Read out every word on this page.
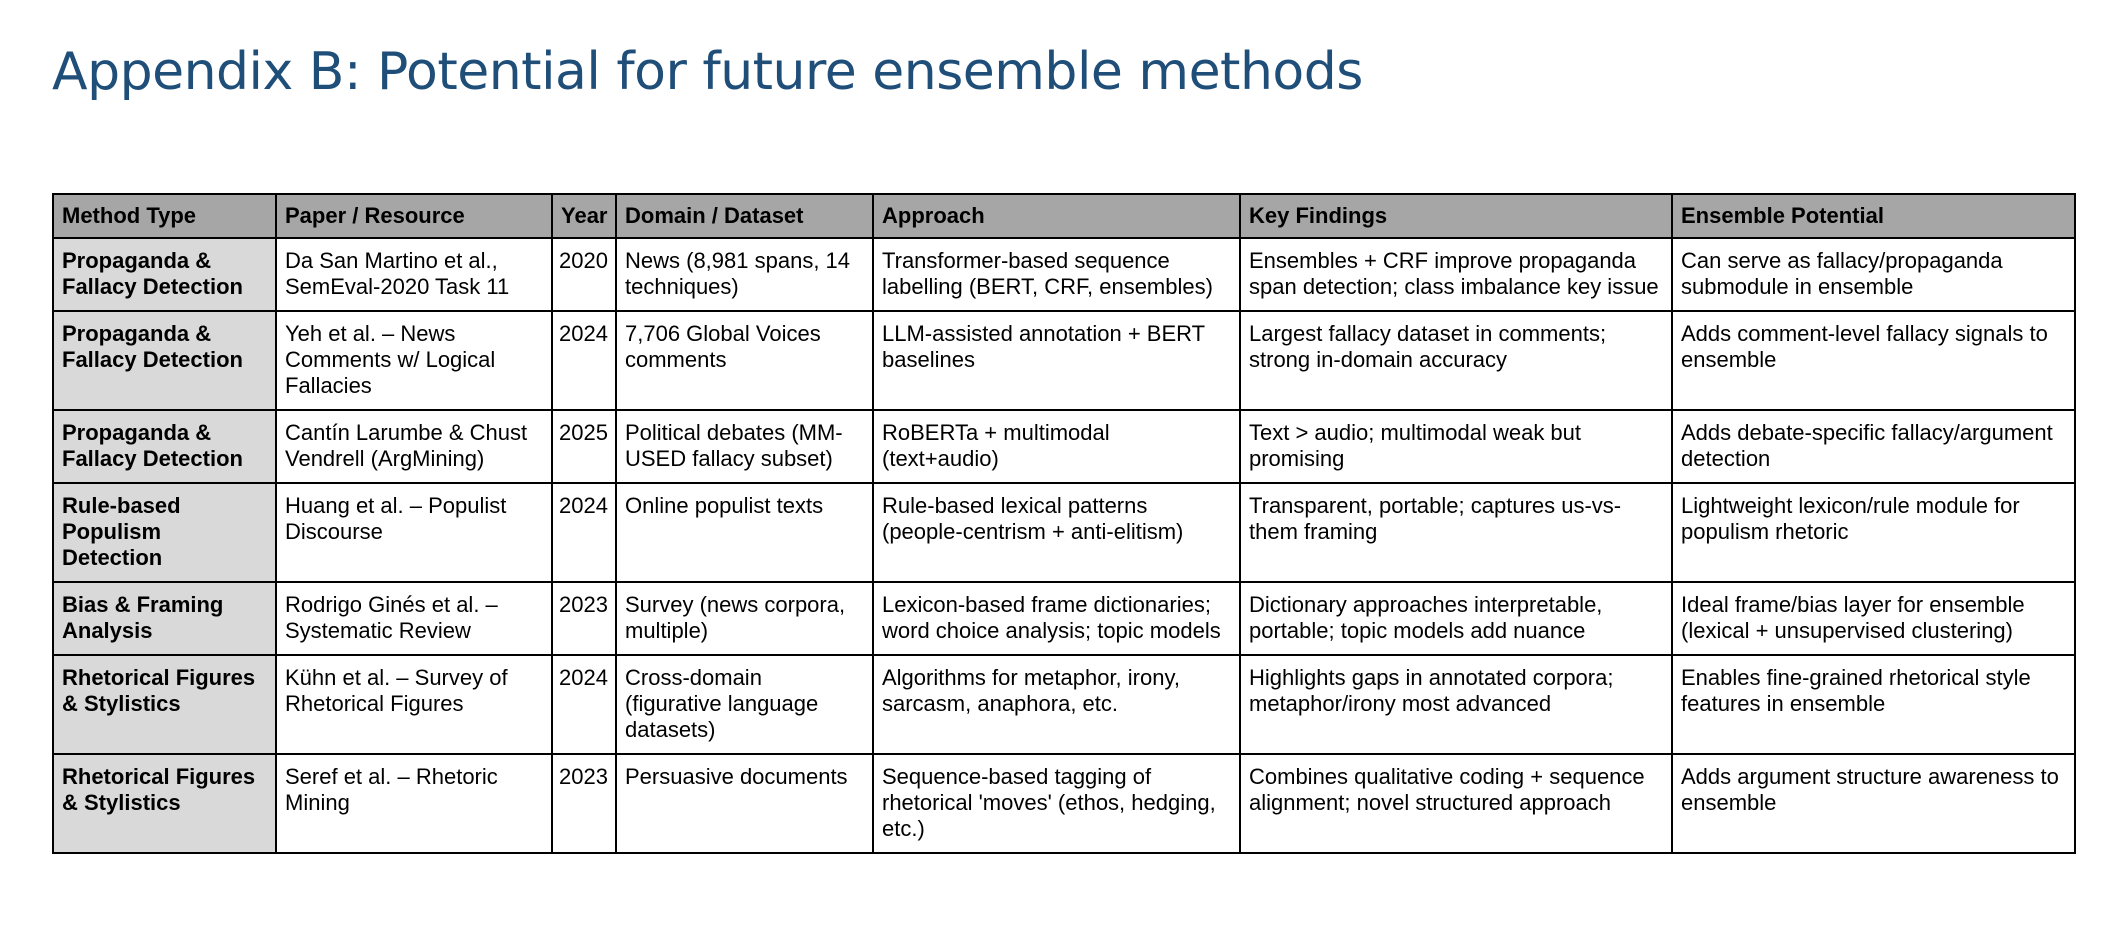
Appendix B: Potential for future ensemble methods
Method Type	Paper / Resource	Year	Domain / Dataset	Approach	Key Findings	Ensemble Potential
Propaganda & Fallacy Detection	Da San Martino et al., SemEval-2020 Task 11	2020	News (8,981 spans, 14 techniques)	Transformer-based sequence labelling (BERT, CRF, ensembles)	Ensembles + CRF improve propaganda span detection; class imbalance key issue	Can serve as fallacy/propaganda submodule in ensemble
Propaganda & Fallacy Detection	Yeh et al. – News Comments w/ Logical Fallacies	2024	7,706 Global Voices comments	LLM-assisted annotation + BERT baselines	Largest fallacy dataset in comments; strong in-domain accuracy	Adds comment-level fallacy signals to ensemble
Propaganda & Fallacy Detection	Cantín Larumbe & Chust Vendrell (ArgMining)	2025	Political debates (MM-USED fallacy subset)	RoBERTa + multimodal (text+audio)	Text > audio; multimodal weak but promising	Adds debate-specific fallacy/argument detection
Rule-based Populism Detection	Huang et al. – Populist Discourse	2024	Online populist texts	Rule-based lexical patterns (people-centrism + anti-elitism)	Transparent, portable; captures us-vs-them framing	Lightweight lexicon/rule module for populism rhetoric
Bias & Framing Analysis	Rodrigo Ginés et al. – Systematic Review	2023	Survey (news corpora, multiple)	Lexicon-based frame dictionaries; word choice analysis; topic models	Dictionary approaches interpretable, portable; topic models add nuance	Ideal frame/bias layer for ensemble (lexical + unsupervised clustering)
Rhetorical Figures & Stylistics	Kühn et al. – Survey of Rhetorical Figures	2024	Cross-domain (figurative language datasets)	Algorithms for metaphor, irony, sarcasm, anaphora, etc.	Highlights gaps in annotated corpora; metaphor/irony most advanced	Enables fine-grained rhetorical style features in ensemble
Rhetorical Figures & Stylistics	Seref et al. – Rhetoric Mining	2023	Persuasive documents	Sequence-based tagging of rhetorical 'moves' (ethos, hedging, etc.)	Combines qualitative coding + sequence alignment; novel structured approach	Adds argument structure awareness to ensemble
